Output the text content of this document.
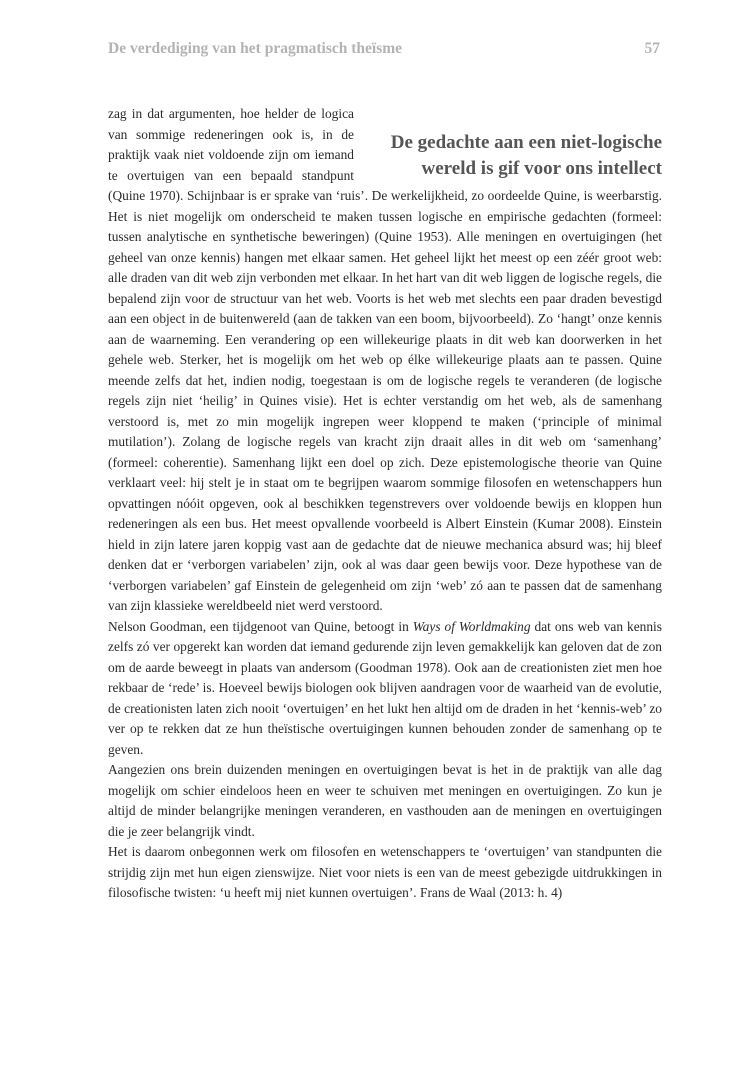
De verdediging van het pragmatisch theïsme	57

De gedachte aan een niet-logische wereld is gif voor ons intellect
zag in dat argumenten, hoe helder de logica van sommige redeneringen ook is, in de praktijk vaak niet voldoende zijn om iemand te overtuigen van een bepaald standpunt (Quine 1970). Schijnbaar is er sprake van ‘ruis’. De werkelijkheid, zo oordeelde Quine, is weerbarstig. Het is niet mogelijk om onderscheid te maken tussen logische en empirische gedachten (formeel: tussen analytische en synthetische beweringen) (Quine 1953). Alle meningen en overtuigingen (het geheel van onze kennis) hangen met elkaar samen. Het geheel lijkt het meest op een zéér groot web: alle draden van dit web zijn verbonden met elkaar. In het hart van dit web liggen de logische regels, die bepalend zijn voor de structuur van het web. Voorts is het web met slechts een paar draden bevestigd aan een object in de buitenwereld (aan de takken van een boom, bijvoorbeeld). Zo ‘hangt’ onze kennis aan de waarneming. Een verandering op een willekeurige plaats in dit web kan doorwerken in het gehele web. Sterker, het is mogelijk om het web op élke willekeurige plaats aan te passen. Quine meende zelfs dat het, indien nodig, toegestaan is om de logische regels te veranderen (de logische regels zijn niet ‘heilig’ in Quines visie). Het is echter verstandig om het web, als de samenhang verstoord is, met zo min mogelijk ingrepen weer kloppend te maken (‘principle of minimal mutilation’). Zolang de logische regels van kracht zijn draait alles in dit web om ‘samenhang’ (formeel: coherentie). Samenhang lijkt een doel op zich. Deze epistemologische theorie van Quine verklaart veel: hij stelt je in staat om te begrijpen waarom sommige filosofen en wetenschappers hun opvattingen nóóit opgeven, ook al beschikken tegenstrevers over voldoende bewijs en kloppen hun redeneringen als een bus. Het meest opvallende voorbeeld is Albert Einstein (Kumar 2008). Einstein hield in zijn latere jaren koppig vast aan de gedachte dat de nieuwe mechanica absurd was; hij bleef denken dat er ‘verborgen variabelen’ zijn, ook al was daar geen bewijs voor. Deze hypothese van de ‘verborgen variabelen’ gaf Einstein de gelegenheid om zijn ‘web’ zó aan te passen dat de samenhang van zijn klassieke wereldbeeld niet werd verstoord.

Nelson Goodman, een tijdgenoot van Quine, betoogt in Ways of Worldmaking dat ons web van kennis zelfs zó ver opgerekt kan worden dat iemand gedurende zijn leven gemakkelijk kan geloven dat de zon om de aarde beweegt in plaats van andersom (Goodman 1978). Ook aan de creationisten ziet men hoe rekbaar de ‘rede’ is. Hoeveel bewijs biologen ook blijven aandragen voor de waarheid van de evolutie, de creationisten laten zich nooit ‘overtuigen’ en het lukt hen altijd om de draden in het ‘kennis-web’ zo ver op te rekken dat ze hun theïstische overtuigingen kunnen behouden zonder de samenhang op te geven.

Aangezien ons brein duizenden meningen en overtuigingen bevat is het in de praktijk van alle dag mogelijk om schier eindeloos heen en weer te schuiven met meningen en overtuigingen. Zo kun je altijd de minder belangrijke meningen veranderen, en vasthouden aan de meningen en overtuigingen die je zeer belangrijk vindt.

Het is daarom onbegonnen werk om filosofen en wetenschappers te ‘overtuigen’ van standpunten die strijdig zijn met hun eigen zienswijze. Niet voor niets is een van de meest gebezigde uitdrukkingen in filosofische twisten: ‘u heeft mij niet kunnen overtuigen’. Frans de Waal (2013: h. 4)
